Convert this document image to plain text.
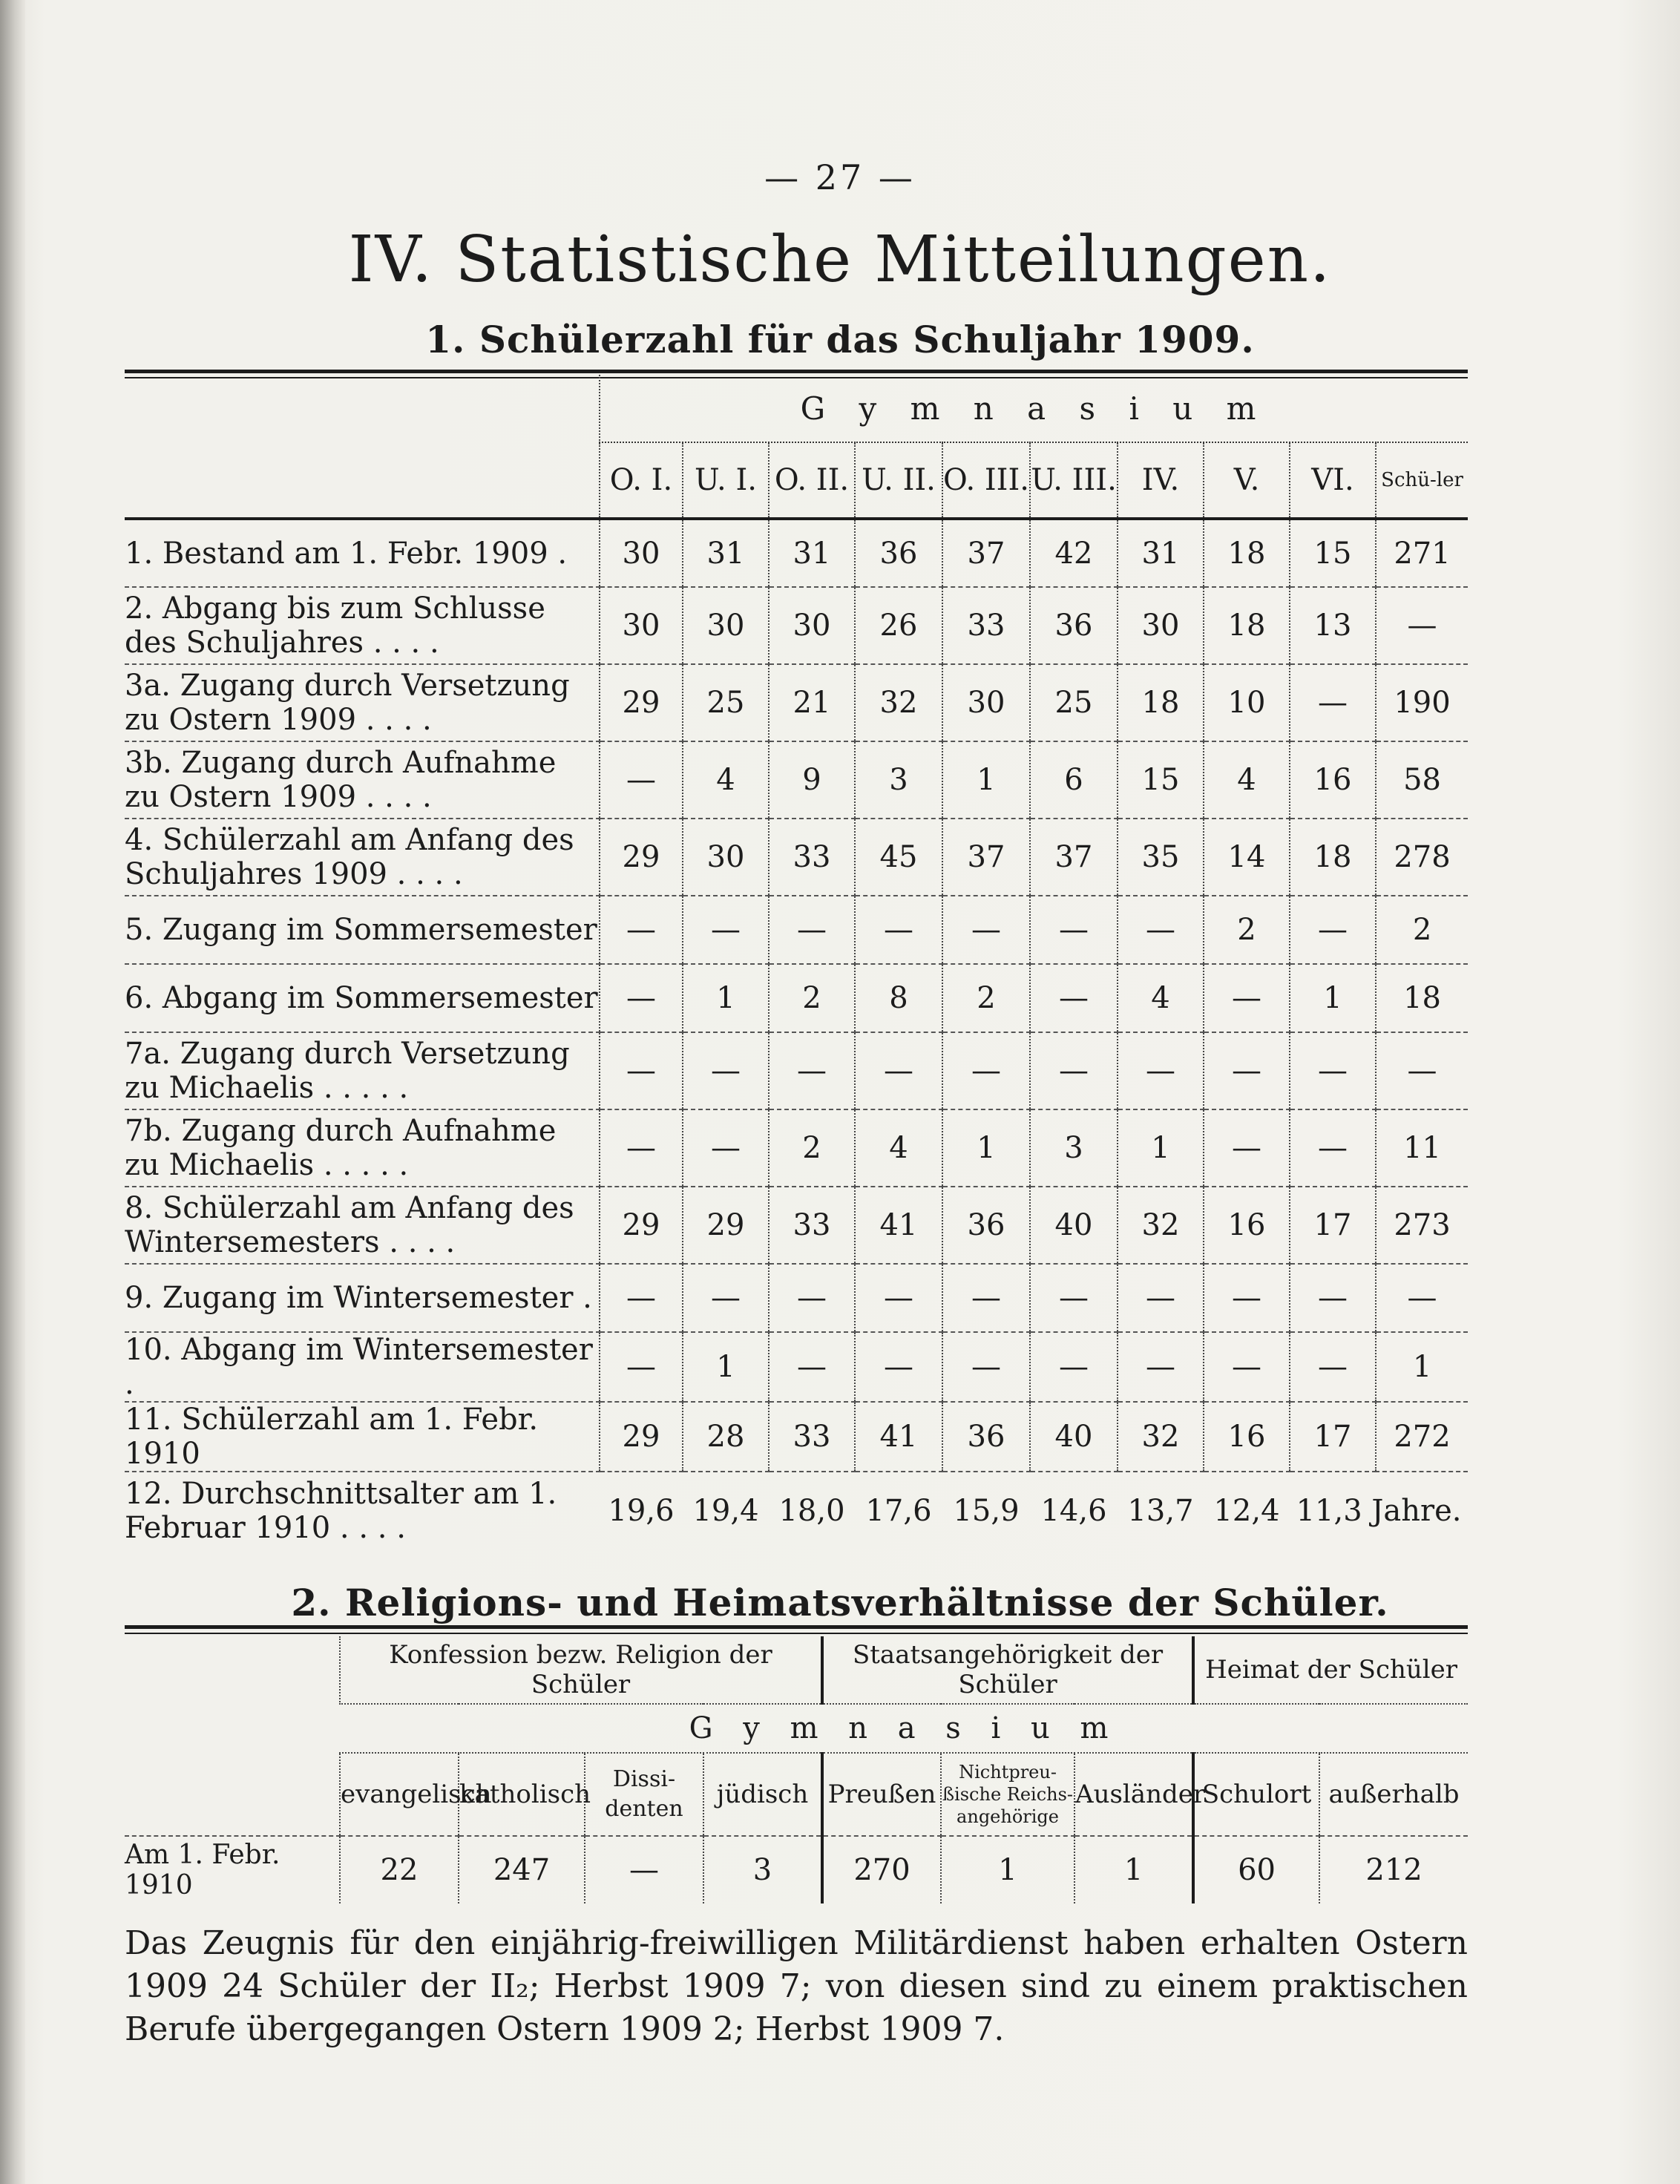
— 27 —
IV. Statistische Mitteilungen.
1. Schülerzahl für das Schuljahr 1909.
	G y m n a s i u m									
	O. I.	U. I.	O. II.	U. II.	O. III.	U. III.	IV.	V.	VI.	Schü-ler
1. Bestand am 1. Febr. 1909 .	30	31	31	36	37	42	31	18	15	271
2. Abgang bis zum Schlusse des Schuljahres . . . .	30	30	30	26	33	36	30	18	13	—
3a. Zugang durch Versetzung zu Ostern 1909 . . . .	29	25	21	32	30	25	18	10	—	190
3b. Zugang durch Aufnahme zu Ostern 1909 . . . .	—	4	9	3	1	6	15	4	16	58
4. Schülerzahl am Anfang des Schuljahres 1909 . . . .	29	30	33	45	37	37	35	14	18	278
5. Zugang im Sommersemester	—	—	—	—	—	—	—	2	—	2
6. Abgang im Sommersemester	—	1	2	8	2	—	4	—	1	18
7a. Zugang durch Versetzung zu Michaelis . . . . .	—	—	—	—	—	—	—	—	—	—
7b. Zugang durch Aufnahme zu Michaelis . . . . .	—	—	2	4	1	3	1	—	—	11
8. Schülerzahl am Anfang des Wintersemesters . . . .	29	29	33	41	36	40	32	16	17	273
9. Zugang im Wintersemester .	—	—	—	—	—	—	—	—	—	—
10. Abgang im Wintersemester .	—	1	—	—	—	—	—	—	—	1
11. Schülerzahl am 1. Febr. 1910	29	28	33	41	36	40	32	16	17	272
12. Durchschnittsalter am 1. Februar 1910 . . . .	19,6	19,4	18,0	17,6	15,9	14,6	13,7	12,4	11,3 Jahre.	
2. Religions- und Heimatsverhältnisse der Schüler.
	Konfession bezw. Religion der Schüler				Staatsangehörigkeit der Schüler			Heimat der Schüler	
	G y m n a s i u m								
	evangelisch	katholisch	Dissi-denten	jüdisch	Preußen	Nichtpreu-ßische Reichs-angehörige	Ausländer	Schulort	außerhalb
Am 1. Febr. 1910	22	247	—	3	270	1	1	60	212
Das Zeugnis für den einjährig-freiwilligen Militärdienst haben erhalten Ostern 1909 24 Schüler der II₂; Herbst 1909 7; von diesen sind zu einem praktischen Berufe übergegangen Ostern 1909 2; Herbst 1909 7.
